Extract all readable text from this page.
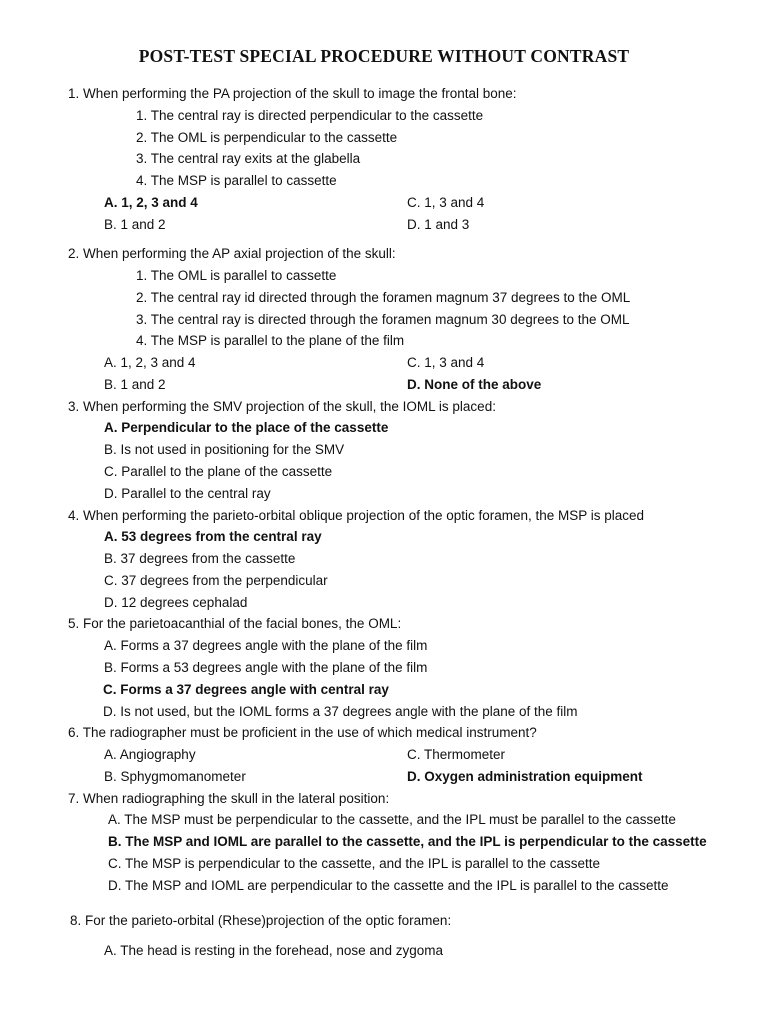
POST-TEST SPECIAL PROCEDURE WITHOUT CONTRAST
1. When performing the PA projection of the skull to image the frontal bone:
1. The central ray is directed perpendicular to the cassette
2. The OML is perpendicular to the cassette
3. The central ray exits at the glabella
4. The MSP is parallel to cassette
A. 1, 2, 3 and 4	C. 1, 3 and 4
B. 1 and 2	D. 1 and 3
2. When performing the AP axial projection of the skull:
1. The OML is parallel to cassette
2. The central ray id directed through the foramen magnum 37 degrees to the OML
3. The central ray is directed through the foramen magnum 30 degrees to the OML
4. The MSP is parallel to the plane of the film
A. 1, 2, 3 and 4	C. 1, 3 and 4
B. 1 and 2	D. None of the above
3. When performing the SMV projection of the skull, the IOML is placed:
A. Perpendicular to the place of the cassette
B. Is not used in positioning for the SMV
C. Parallel to the plane of the cassette
D. Parallel to the central ray
4. When performing the parieto-orbital oblique projection of the optic foramen, the MSP is placed
A. 53 degrees from the central ray
B. 37 degrees from the cassette
C. 37 degrees from the perpendicular
D. 12 degrees cephalad
5. For the parietoacanthial of the facial bones, the OML:
A. Forms a 37 degrees angle with the plane of the film
B. Forms a 53 degrees angle with the plane of the film
C. Forms a 37 degrees angle with central ray
D. Is not used, but the IOML forms a 37 degrees angle with the plane of the film
6. The radiographer must be proficient in the use of which medical instrument?
A. Angiography	C. Thermometer
B. Sphygmomanometer	D. Oxygen administration equipment
7. When radiographing the skull in the lateral position:
A. The MSP must be perpendicular to the cassette, and the IPL must be parallel to the cassette
B. The MSP and IOML are parallel to the cassette, and the IPL is perpendicular to the cassette
C. The MSP is perpendicular to the cassette, and the IPL is parallel to the cassette
D. The MSP and IOML are perpendicular to the cassette and the IPL is parallel to the cassette
8. For the parieto-orbital (Rhese)projection of the optic foramen:
A. The head is resting in the forehead, nose and zygoma
